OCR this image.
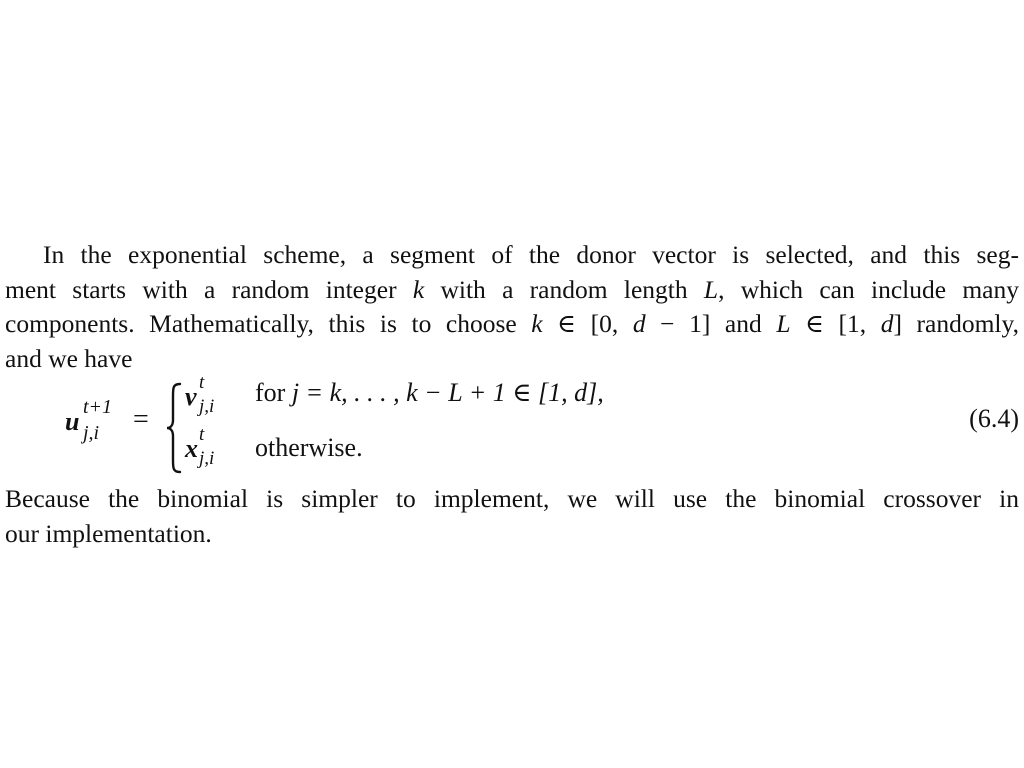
In the exponential scheme, a segment of the donor vector is selected, and this seg-
ment starts with a random integer k with a random length L, which can include many
components. Mathematically, this is to choose k ∈ [0, d − 1] and L ∈ [1, d] randomly,
and we have

u t+1
j,i =
v t
j,i for j = k, . . . , k − L + 1 ∈ [1, d],
x t
j,i otherwise.
(6.4)

Because the binomial is simpler to implement, we will use the binomial crossover in
our implementation.
